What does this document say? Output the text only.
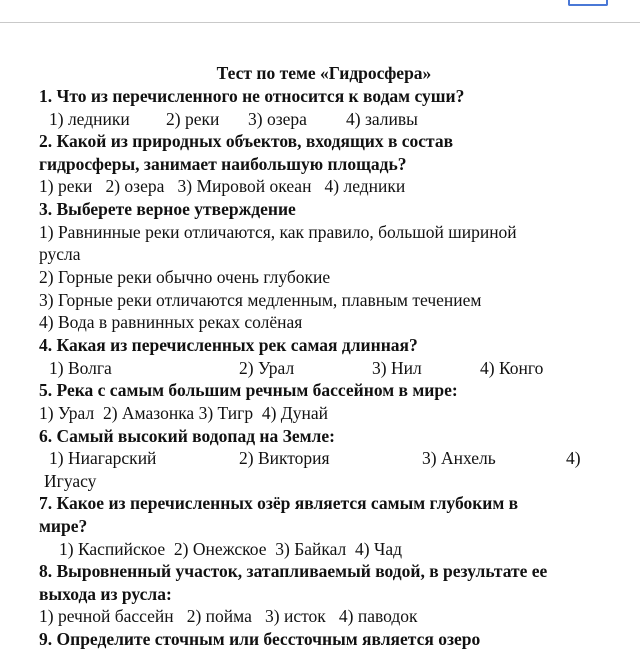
Тест по теме «Гидросфера»
1. Что из перечисленного не относится к водам суши?
1) ледники 2) реки 3) озера 4) заливы
2. Какой из природных объектов, входящих в состав
гидросферы, занимает наибольшую площадь?
1) реки   2) озера   3) Мировой океан   4) ледники
3. Выберете верное утверждение
1) Равнинные реки отличаются, как правило, большой шириной
русла
2) Горные реки обычно очень глубокие
3) Горные реки отличаются медленным, плавным течением
4) Вода в равнинных реках солёная
4. Какая из перечисленных рек самая длинная?
1) Волга	2) Урал	3) Нил	4) Конго
5. Река с самым большим речным бассейном в мире:
1) Урал  2) Амазонка 3) Тигр  4) Дунай
6. Самый высокий водопад на Земле:
1) Ниагарский	2) Виктория	3) Анхель	4)
Игуасу
7. Какое из перечисленных озёр является самым глубоким в
мире?
1) Каспийское  2) Онежское  3) Байкал  4) Чад
8. Выровненный участок, затапливаемый водой, в результате ее
выхода из русла:
1) речной бассейн   2) пойма   3) исток   4) паводок
9. Определите сточным или бессточным является озеро
